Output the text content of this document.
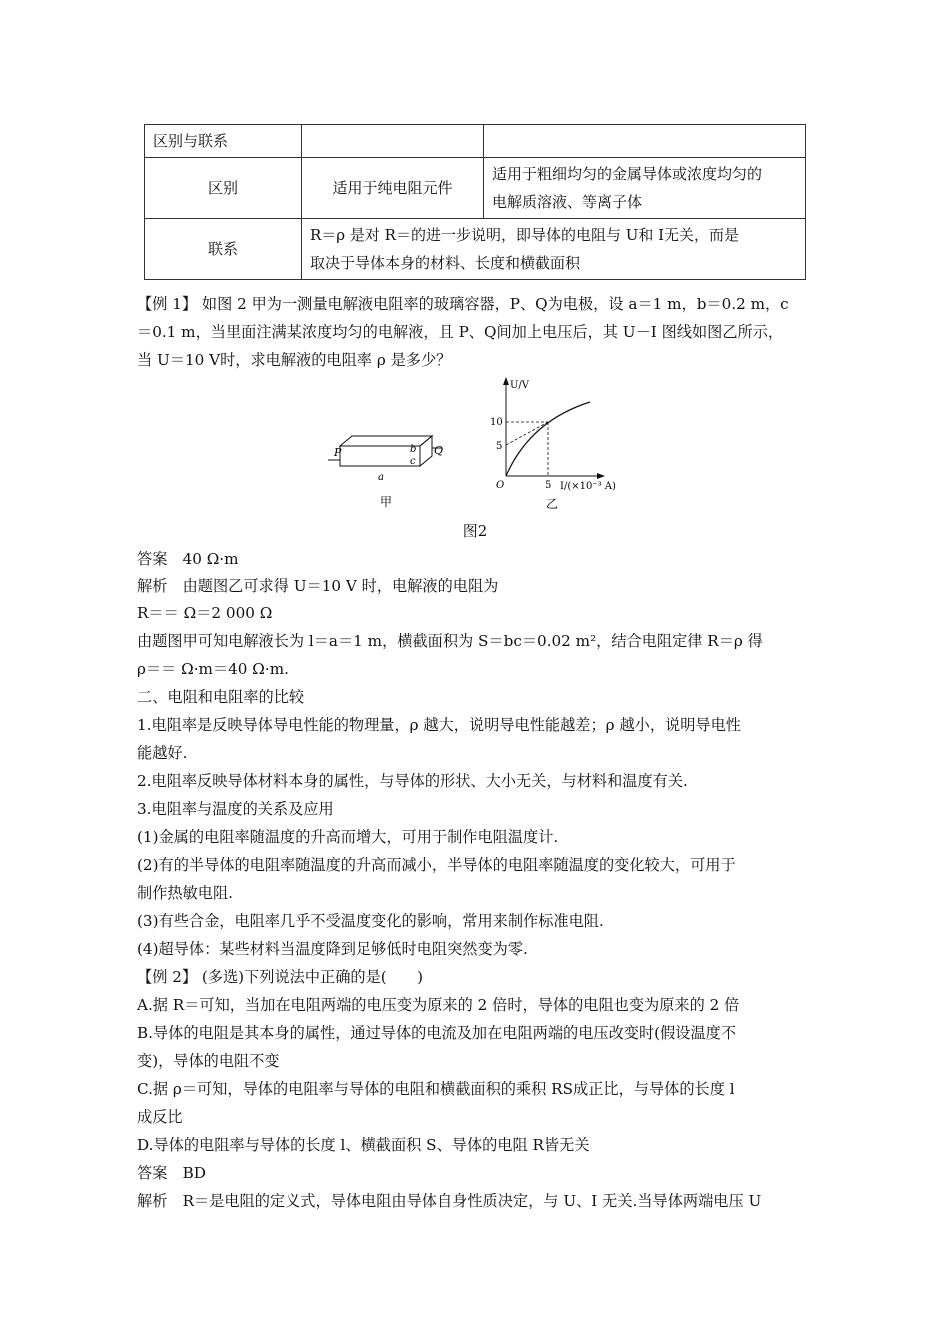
区别与联系		
区别	适用于纯电阻元件	适用于粗细均匀的金属导体或浓度均匀的
电解质溶液、等离子体

联系	R＝ρ 是对 R＝的进一步说明，即导体的电阻与 U和 I无关，而是
取决于导体本身的材料、长度和横截面积	
【例 1】 如图 2 甲为一测量电解液电阻率的玻璃容器，P、Q为电极，设 a＝1 m，b＝0.2 m，c
＝0.1 m，当里面注满某浓度均匀的电解液，且 P、Q间加上电压后，其 U－I 图线如图乙所示，
当 U＝10 V时，求电解液的电阻率 ρ 是多少？
P	Q
b
c
a
甲
U/V
10
5
O	5 I/(×10⁻³ A)
乙
图2
答案　40 Ω·m
解析　由题图乙可求得 U＝10 V 时，电解液的电阻为
R＝＝ Ω＝2 000 Ω
由题图甲可知电解液长为 l＝a＝1 m，横截面积为 S＝bc＝0.02 m²，结合电阻定律 R＝ρ 得
ρ＝＝ Ω·m＝40 Ω·m.
二、电阻和电阻率的比较
1.电阻率是反映导体导电性能的物理量，ρ 越大，说明导电性能越差；ρ 越小，说明导电性
能越好.
2.电阻率反映导体材料本身的属性，与导体的形状、大小无关，与材料和温度有关.
3.电阻率与温度的关系及应用
(1)金属的电阻率随温度的升高而增大，可用于制作电阻温度计.
(2)有的半导体的电阻率随温度的升高而减小，半导体的电阻率随温度的变化较大，可用于
制作热敏电阻.
(3)有些合金，电阻率几乎不受温度变化的影响，常用来制作标准电阻.
(4)超导体：某些材料当温度降到足够低时电阻突然变为零.
【例 2】 (多选)下列说法中正确的是(　　)
A.据 R＝可知，当加在电阻两端的电压变为原来的 2 倍时，导体的电阻也变为原来的 2 倍
B.导体的电阻是其本身的属性，通过导体的电流及加在电阻两端的电压改变时(假设温度不
变)，导体的电阻不变
C.据 ρ＝可知，导体的电阻率与导体的电阻和横截面积的乘积 RS成正比，与导体的长度 l
成反比
D.导体的电阻率与导体的长度 l、横截面积 S、导体的电阻 R皆无关
答案　BD
解析　R＝是电阻的定义式，导体电阻由导体自身性质决定，与 U、I 无关.当导体两端电压 U
